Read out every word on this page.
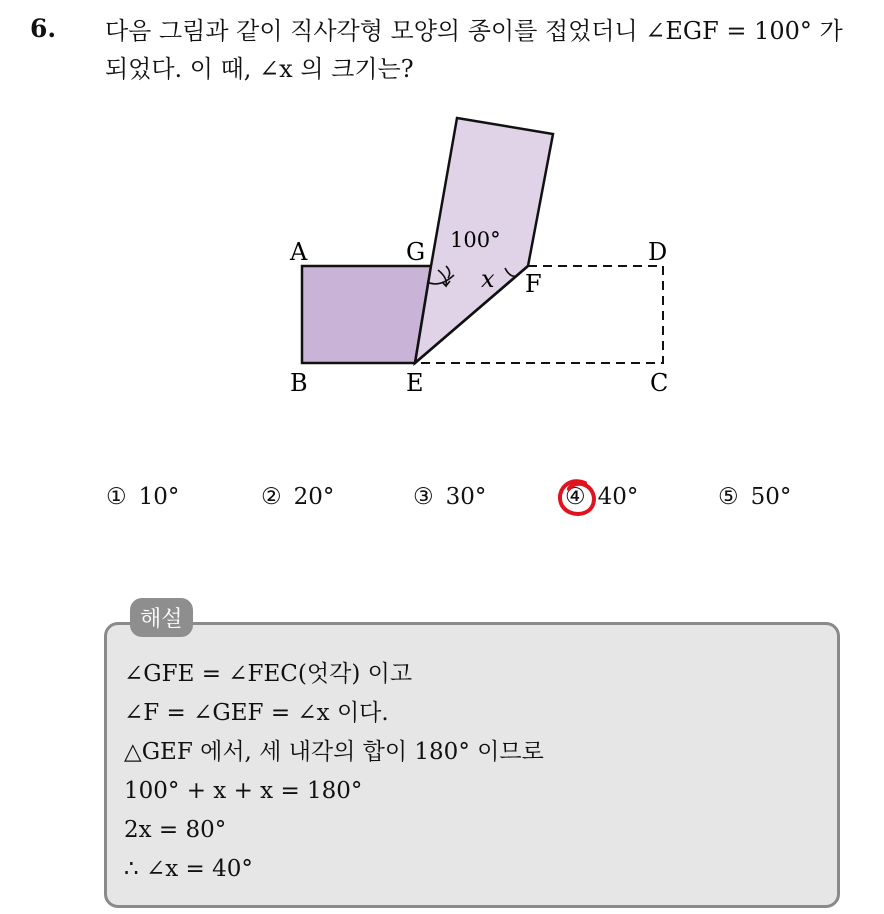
6. 다음 그림과 같이 직사각형 모양의 종이를 접었더니 ∠EGF = 100° 가
되었다. 이 때, ∠x 의 크기는?
A	G	D
F
B	E	C
100°
x
① 10°	② 20°	③ 30°	④ 40°	⑤ 50°
해설
∠GFE = ∠FEC(엇각) 이고
∠F = ∠GEF = ∠x 이다.
△GEF 에서, 세 내각의 합이 180° 이므로
100° + x + x = 180°
2x = 80°
∴ ∠x = 40°
